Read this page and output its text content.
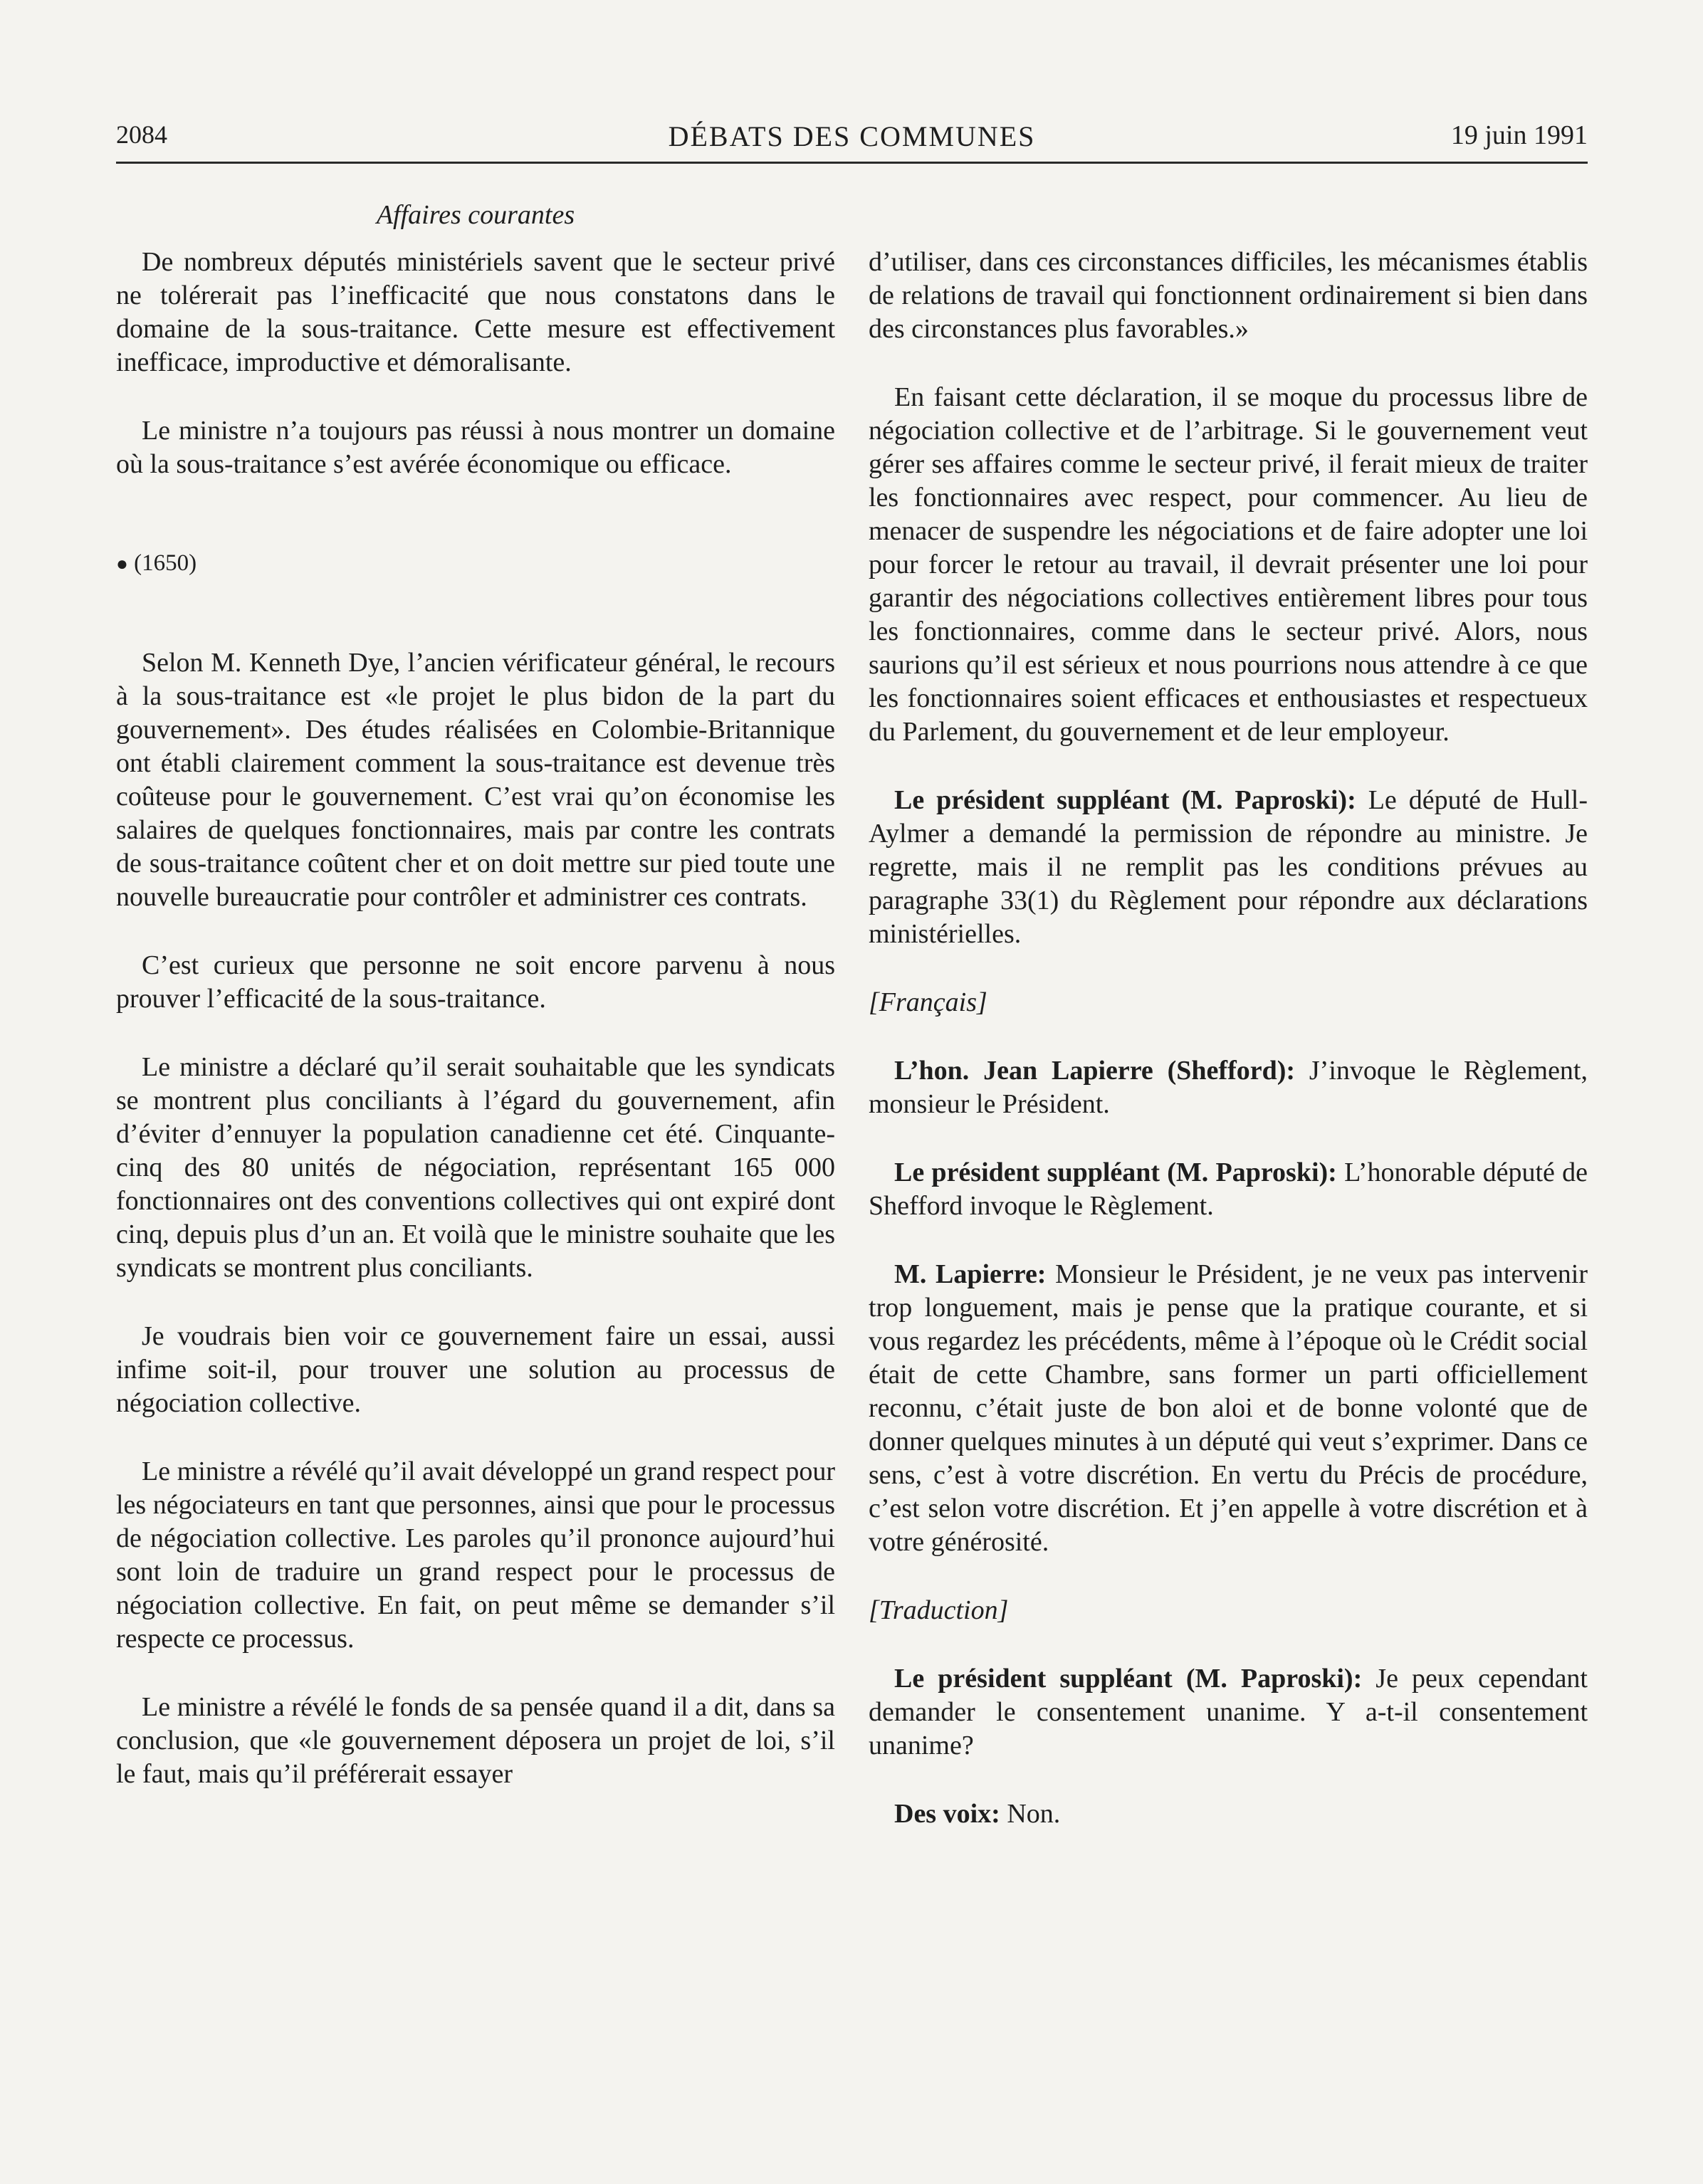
2084	DÉBATS DES COMMUNES	19 juin 1991
Affaires courantes

De nombreux députés ministériels savent que le secteur privé ne tolérerait pas l’inefficacité que nous constatons dans le domaine de la sous-traitance. Cette mesure est effectivement inefficace, improductive et démoralisante.

Le ministre n’a toujours pas réussi à nous montrer un domaine où la sous-traitance s’est avérée économique ou efficace.

● (1650)

Selon M. Kenneth Dye, l’ancien vérificateur général, le recours à la sous-traitance est «le projet le plus bidon de la part du gouvernement». Des études réalisées en Colombie-Britannique ont établi clairement comment la sous-traitance est devenue très coûteuse pour le gouvernement. C’est vrai qu’on économise les salaires de quelques fonctionnaires, mais par contre les contrats de sous-traitance coûtent cher et on doit mettre sur pied toute une nouvelle bureaucratie pour contrôler et administrer ces contrats.

C’est curieux que personne ne soit encore parvenu à nous prouver l’efficacité de la sous-traitance.

Le ministre a déclaré qu’il serait souhaitable que les syndicats se montrent plus conciliants à l’égard du gouvernement, afin d’éviter d’ennuyer la population canadienne cet été. Cinquante-cinq des 80 unités de négociation, représentant 165 000 fonctionnaires ont des conventions collectives qui ont expiré dont cinq, depuis plus d’un an. Et voilà que le ministre souhaite que les syndicats se montrent plus conciliants.

Je voudrais bien voir ce gouvernement faire un essai, aussi infime soit-il, pour trouver une solution au processus de négociation collective.

Le ministre a révélé qu’il avait développé un grand respect pour les négociateurs en tant que personnes, ainsi que pour le processus de négociation collective. Les paroles qu’il prononce aujourd’hui sont loin de traduire un grand respect pour le processus de négociation collective. En fait, on peut même se demander s’il respecte ce processus.

Le ministre a révélé le fonds de sa pensée quand il a dit, dans sa conclusion, que «le gouvernement déposera un projet de loi, s’il le faut, mais qu’il préférerait essayer

d’utiliser, dans ces circonstances difficiles, les mécanismes établis de relations de travail qui fonctionnent ordinairement si bien dans des circonstances plus favorables.»

En faisant cette déclaration, il se moque du processus libre de négociation collective et de l’arbitrage. Si le gouvernement veut gérer ses affaires comme le secteur privé, il ferait mieux de traiter les fonctionnaires avec respect, pour commencer. Au lieu de menacer de suspendre les négociations et de faire adopter une loi pour forcer le retour au travail, il devrait présenter une loi pour garantir des négociations collectives entièrement libres pour tous les fonctionnaires, comme dans le secteur privé. Alors, nous saurions qu’il est sérieux et nous pourrions nous attendre à ce que les fonctionnaires soient efficaces et enthousiastes et respectueux du Parlement, du gouvernement et de leur employeur.

Le président suppléant (M. Paproski): Le député de Hull-Aylmer a demandé la permission de répondre au ministre. Je regrette, mais il ne remplit pas les conditions prévues au paragraphe 33(1) du Règlement pour répondre aux déclarations ministérielles.

[Français]

L’hon. Jean Lapierre (Shefford): J’invoque le Règlement, monsieur le Président.

Le président suppléant (M. Paproski): L’honorable député de Shefford invoque le Règlement.

M. Lapierre: Monsieur le Président, je ne veux pas intervenir trop longuement, mais je pense que la pratique courante, et si vous regardez les précédents, même à l’époque où le Crédit social était de cette Chambre, sans former un parti officiellement reconnu, c’était juste de bon aloi et de bonne volonté que de donner quelques minutes à un député qui veut s’exprimer. Dans ce sens, c’est à votre discrétion. En vertu du Précis de procédure, c’est selon votre discrétion. Et j’en appelle à votre discrétion et à votre générosité.

[Traduction]

Le président suppléant (M. Paproski): Je peux cependant demander le consentement unanime. Y a-t-il consentement unanime?

Des voix: Non.
